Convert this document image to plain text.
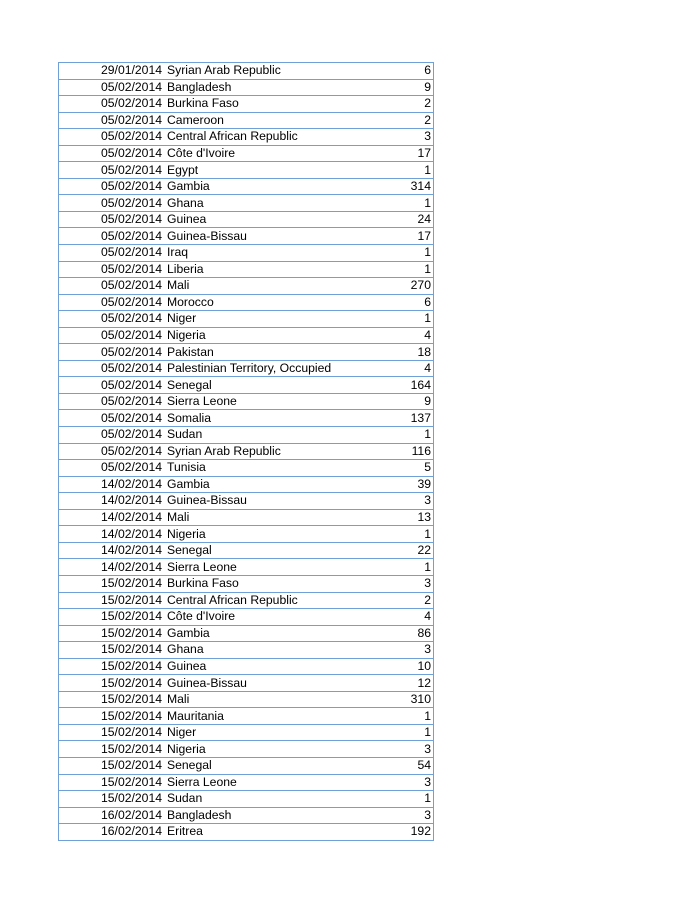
29/01/2014	Syrian Arab Republic	6
05/02/2014	Bangladesh	9
05/02/2014	Burkina Faso	2
05/02/2014	Cameroon	2
05/02/2014	Central African Republic	3
05/02/2014	Côte d'Ivoire	17
05/02/2014	Egypt	1
05/02/2014	Gambia	314
05/02/2014	Ghana	1
05/02/2014	Guinea	24
05/02/2014	Guinea-Bissau	17
05/02/2014	Iraq	1
05/02/2014	Liberia	1
05/02/2014	Mali	270
05/02/2014	Morocco	6
05/02/2014	Niger	1
05/02/2014	Nigeria	4
05/02/2014	Pakistan	18
05/02/2014	Palestinian Territory, Occupied	4
05/02/2014	Senegal	164
05/02/2014	Sierra Leone	9
05/02/2014	Somalia	137
05/02/2014	Sudan	1
05/02/2014	Syrian Arab Republic	116
05/02/2014	Tunisia	5
14/02/2014	Gambia	39
14/02/2014	Guinea-Bissau	3
14/02/2014	Mali	13
14/02/2014	Nigeria	1
14/02/2014	Senegal	22
14/02/2014	Sierra Leone	1
15/02/2014	Burkina Faso	3
15/02/2014	Central African Republic	2
15/02/2014	Côte d'Ivoire	4
15/02/2014	Gambia	86
15/02/2014	Ghana	3
15/02/2014	Guinea	10
15/02/2014	Guinea-Bissau	12
15/02/2014	Mali	310
15/02/2014	Mauritania	1
15/02/2014	Niger	1
15/02/2014	Nigeria	3
15/02/2014	Senegal	54
15/02/2014	Sierra Leone	3
15/02/2014	Sudan	1
16/02/2014	Bangladesh	3
16/02/2014	Eritrea	192
